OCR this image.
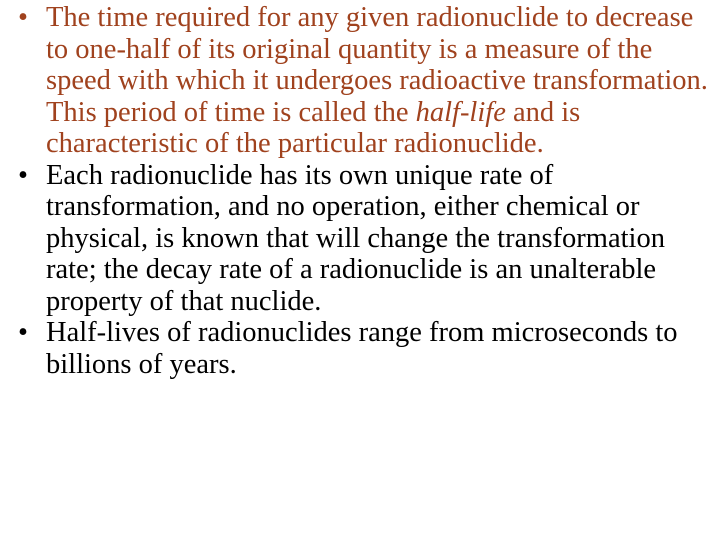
• The time required for any given radionuclide to decrease to one-half of its original quantity is a measure of the speed with which it undergoes radioactive transformation. This period of time is called the half-life and is characteristic of the particular radionuclide.
• Each radionuclide has its own unique rate of transformation, and no operation, either chemical or physical, is known that will change the transformation rate; the decay rate of a radionuclide is an unalterable property of that nuclide.
• Half-lives of radionuclides range from microseconds to billions of years.
